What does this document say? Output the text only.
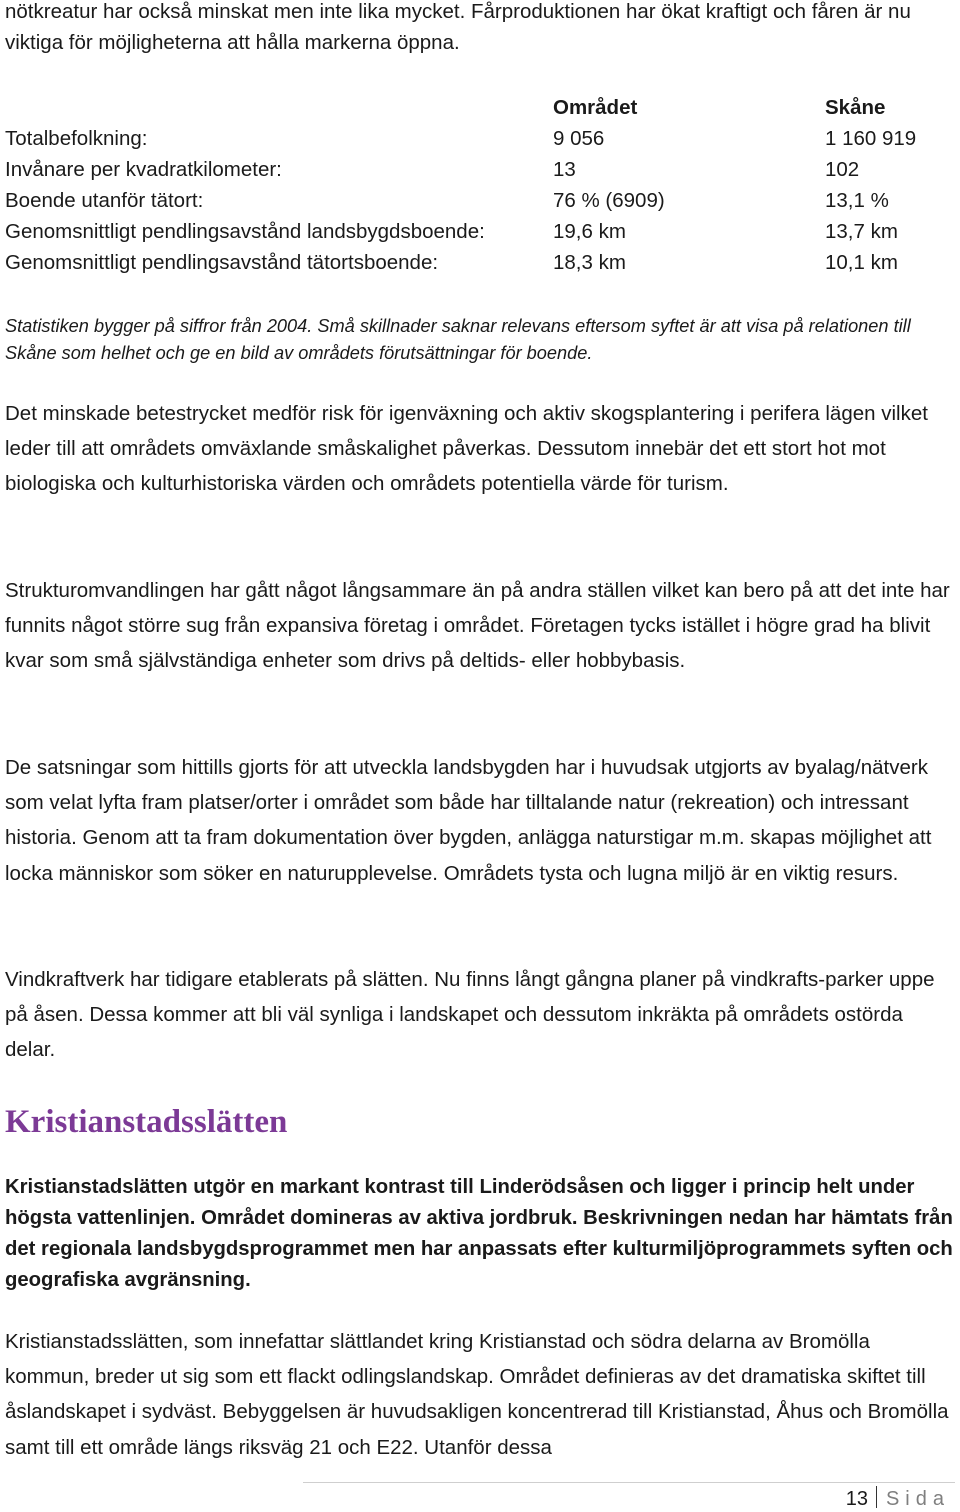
nötkreatur har också minskat men inte lika mycket. Fårproduktionen har ökat kraftigt och fåren är nu viktiga för möjligheterna att hålla markerna öppna.

	Området	Skåne
Totalbefolkning:	9 056	1 160 919
Invånare per kvadratkilometer:	13	102
Boende utanför tätort:	76 % (6909)	13,1 %
Genomsnittligt pendlingsavstånd landsbygdsboende:	19,6 km	13,7 km
Genomsnittligt pendlingsavstånd tätortsboende:	18,3 km	10,1 km

Statistiken bygger på siffror från 2004. Små skillnader saknar relevans eftersom syftet är att visa på relationen till Skåne som helhet och ge en bild av områdets förutsättningar för boende.

Det minskade betestrycket medför risk för igenväxning och aktiv skogsplantering i perifera lägen vilket leder till att områdets omväxlande småskalighet påverkas. Dessutom innebär det ett stort hot mot biologiska och kulturhistoriska värden och områdets potentiella värde för turism.

Strukturomvandlingen har gått något långsammare än på andra ställen vilket kan bero på att det inte har funnits något större sug från expansiva företag i området. Företagen tycks istället i högre grad ha blivit kvar som små självständiga enheter som drivs på deltids- eller hobbybasis.

De satsningar som hittills gjorts för att utveckla landsbygden har i huvudsak utgjorts av byalag/nätverk som velat lyfta fram platser/orter i området som både har tilltalande natur (rekreation) och intressant historia. Genom att ta fram dokumentation över bygden, anlägga naturstigar m.m. skapas möjlighet att locka människor som söker en naturupplevelse. Områdets tysta och lugna miljö är en viktig resurs.

Vindkraftverk har tidigare etablerats på slätten. Nu finns långt gångna planer på vindkrafts-parker uppe på åsen. Dessa kommer att bli väl synliga i landskapet och dessutom inkräkta på områdets ostörda delar.

Kristianstadsslätten

Kristianstadslätten utgör en markant kontrast till Linderödsåsen och ligger i princip helt under högsta vattenlinjen. Området domineras av aktiva jordbruk. Beskrivningen nedan har hämtats från det regionala landsbygdsprogrammet men har anpassats efter kulturmiljöprogrammets syften och geografiska avgränsning.

Kristianstadsslätten, som innefattar slättlandet kring Kristianstad och södra delarna av Bromölla kommun, breder ut sig som ett flackt odlingslandskap. Området definieras av det dramatiska skiftet till åslandskapet i sydväst. Bebyggelsen är huvudsakligen koncentrerad till Kristianstad, Åhus och Bromölla samt till ett område längs riksväg 21 och E22. Utanför dessa

13 Sida
